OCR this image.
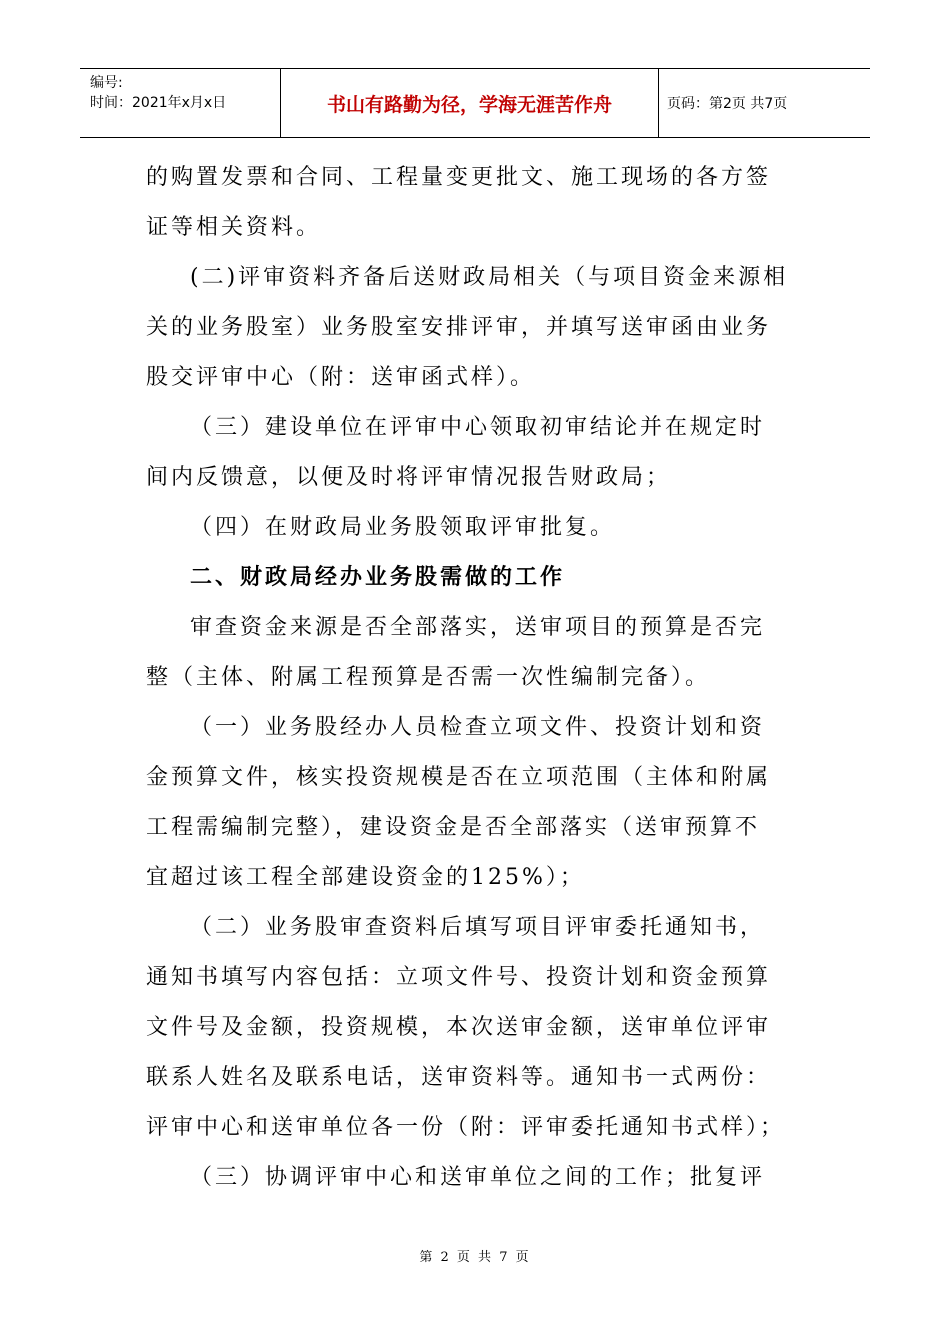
编号:
时间：2021年x月x日	书山有路勤为径，学海无涯苦作舟	页码：第2页 共7页
的购置发票和合同、工程量变更批文、施工现场的各方签
证等相关资料。
(二)评审资料齐备后送财政局相关（与项目资金来源相
关的业务股室）业务股室安排评审，并填写送审函由业务
股交评审中心（附：送审函式样）。
（三）建设单位在评审中心领取初审结论并在规定时
间内反馈意，以便及时将评审情况报告财政局；
（四）在财政局业务股领取评审批复。
二、财政局经办业务股需做的工作
审查资金来源是否全部落实，送审项目的预算是否完
整（主体、附属工程预算是否需一次性编制完备）。
（一）业务股经办人员检查立项文件、投资计划和资
金预算文件，核实投资规模是否在立项范围（主体和附属
工程需编制完整），建设资金是否全部落实（送审预算不
宜超过该工程全部建设资金的125%）；
（二）业务股审查资料后填写项目评审委托通知书，
通知书填写内容包括：立项文件号、投资计划和资金预算
文件号及金额，投资规模，本次送审金额，送审单位评审
联系人姓名及联系电话，送审资料等。通知书一式两份：
评审中心和送审单位各一份（附：评审委托通知书式样）；
（三）协调评审中心和送审单位之间的工作；批复评
第 2 页 共 7 页
